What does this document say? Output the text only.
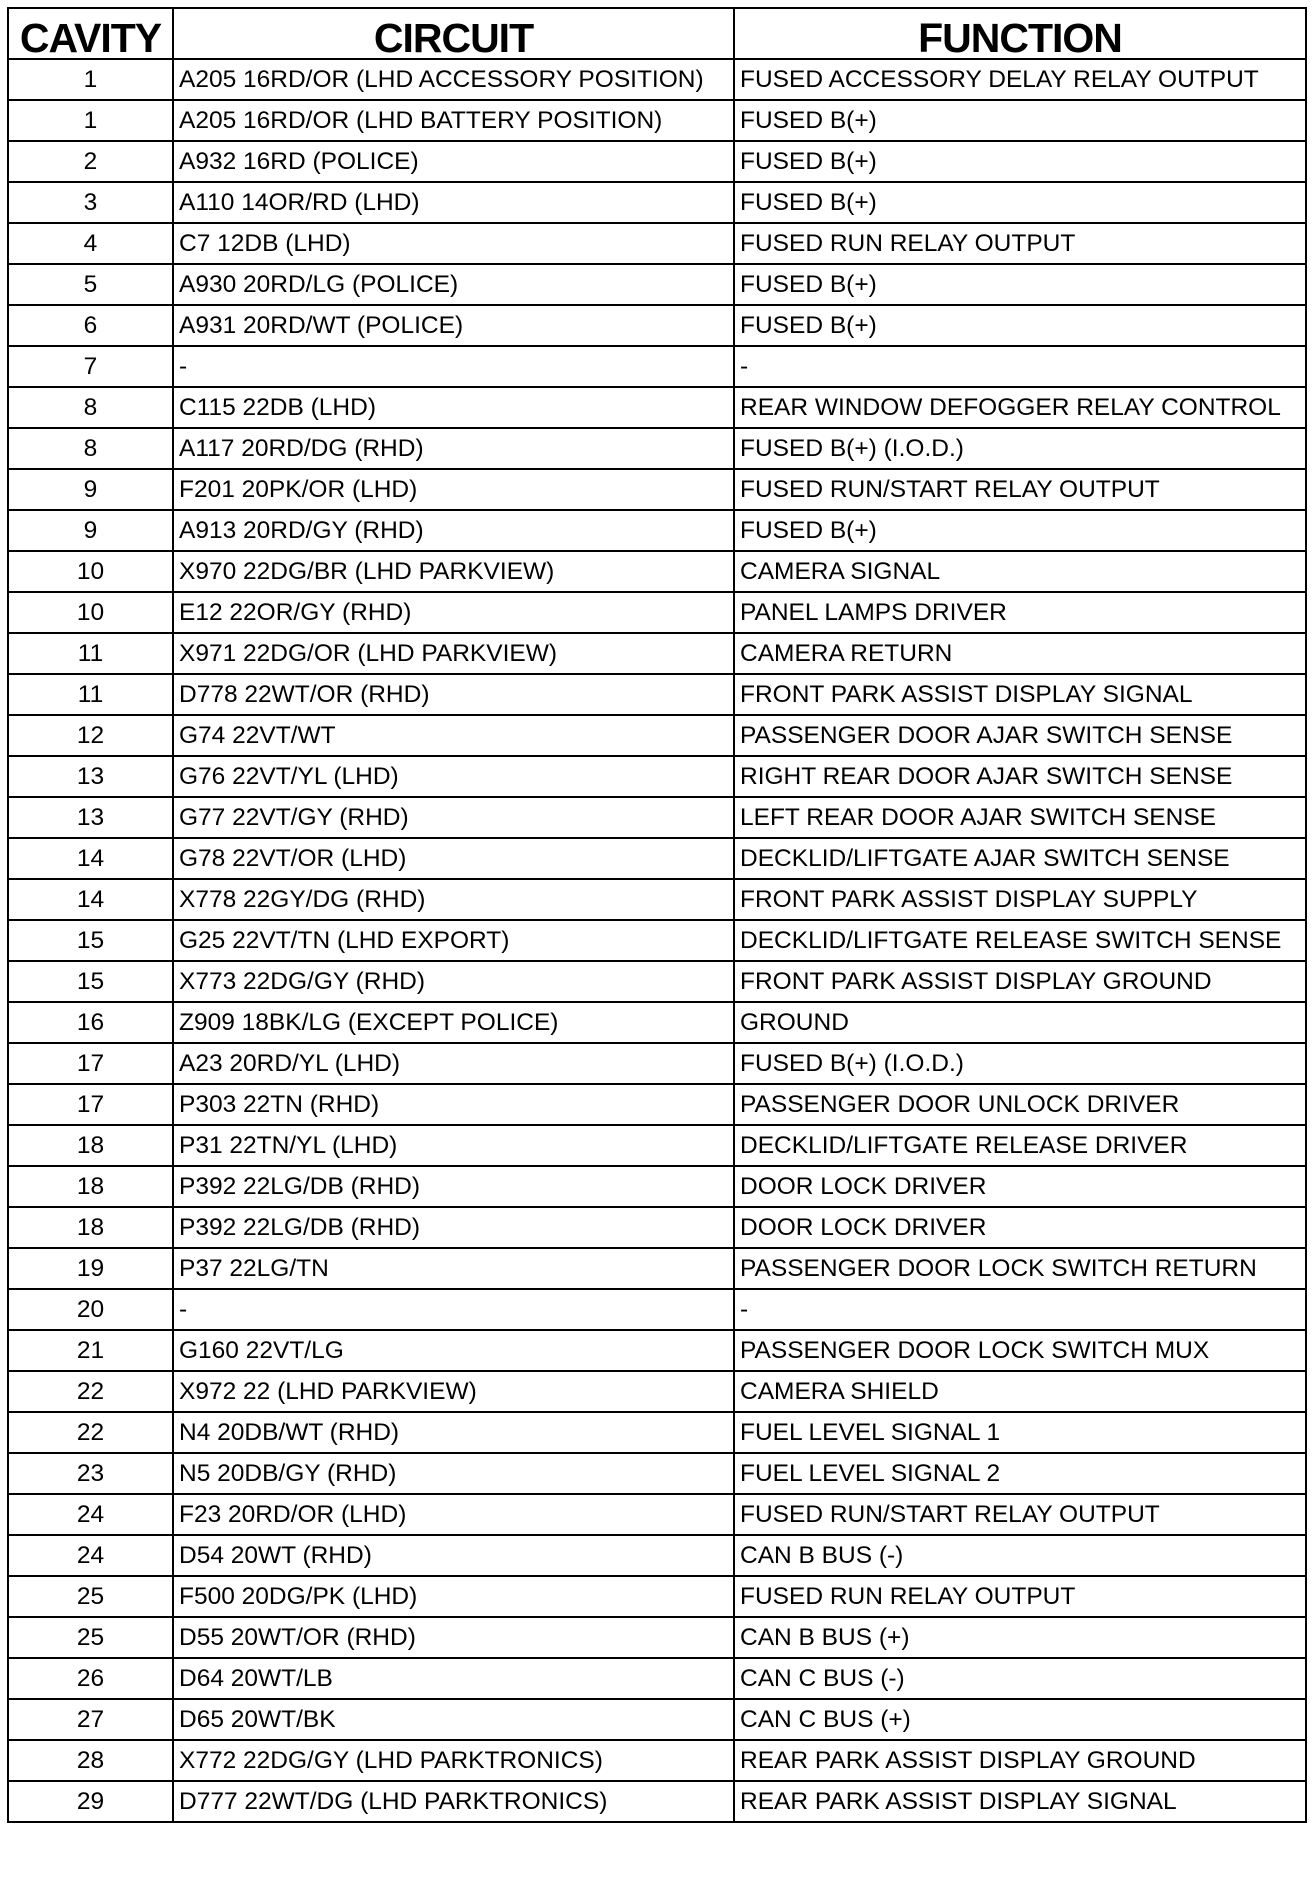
CAVITY	CIRCUIT	FUNCTION
1	A205 16RD/OR (LHD ACCESSORY POSITION)	FUSED ACCESSORY DELAY RELAY OUTPUT
1	A205 16RD/OR (LHD BATTERY POSITION)	FUSED B(+)
2	A932 16RD (POLICE)	FUSED B(+)
3	A110 14OR/RD (LHD)	FUSED B(+)
4	C7 12DB (LHD)	FUSED RUN RELAY OUTPUT
5	A930 20RD/LG (POLICE)	FUSED B(+)
6	A931 20RD/WT (POLICE)	FUSED B(+)
7	-	-
8	C115 22DB (LHD)	REAR WINDOW DEFOGGER RELAY CONTROL
8	A117 20RD/DG (RHD)	FUSED B(+) (I.O.D.)
9	F201 20PK/OR (LHD)	FUSED RUN/START RELAY OUTPUT
9	A913 20RD/GY (RHD)	FUSED B(+)
10	X970 22DG/BR (LHD PARKVIEW)	CAMERA SIGNAL
10	E12 22OR/GY (RHD)	PANEL LAMPS DRIVER
11	X971 22DG/OR (LHD PARKVIEW)	CAMERA RETURN
11	D778 22WT/OR (RHD)	FRONT PARK ASSIST DISPLAY SIGNAL
12	G74 22VT/WT	PASSENGER DOOR AJAR SWITCH SENSE
13	G76 22VT/YL (LHD)	RIGHT REAR DOOR AJAR SWITCH SENSE
13	G77 22VT/GY (RHD)	LEFT REAR DOOR AJAR SWITCH SENSE
14	G78 22VT/OR (LHD)	DECKLID/LIFTGATE AJAR SWITCH SENSE
14	X778 22GY/DG (RHD)	FRONT PARK ASSIST DISPLAY SUPPLY
15	G25 22VT/TN (LHD EXPORT)	DECKLID/LIFTGATE RELEASE SWITCH SENSE
15	X773 22DG/GY (RHD)	FRONT PARK ASSIST DISPLAY GROUND
16	Z909 18BK/LG (EXCEPT POLICE)	GROUND
17	A23 20RD/YL (LHD)	FUSED B(+) (I.O.D.)
17	P303 22TN (RHD)	PASSENGER DOOR UNLOCK DRIVER
18	P31 22TN/YL (LHD)	DECKLID/LIFTGATE RELEASE DRIVER
18	P392 22LG/DB (RHD)	DOOR LOCK DRIVER
18	P392 22LG/DB (RHD)	DOOR LOCK DRIVER
19	P37 22LG/TN	PASSENGER DOOR LOCK SWITCH RETURN
20	-	-
21	G160 22VT/LG	PASSENGER DOOR LOCK SWITCH MUX
22	X972 22 (LHD PARKVIEW)	CAMERA SHIELD
22	N4 20DB/WT (RHD)	FUEL LEVEL SIGNAL 1
23	N5 20DB/GY (RHD)	FUEL LEVEL SIGNAL 2
24	F23 20RD/OR (LHD)	FUSED RUN/START RELAY OUTPUT
24	D54 20WT (RHD)	CAN B BUS (-)
25	F500 20DG/PK (LHD)	FUSED RUN RELAY OUTPUT
25	D55 20WT/OR (RHD)	CAN B BUS (+)
26	D64 20WT/LB	CAN C BUS (-)
27	D65 20WT/BK	CAN C BUS (+)
28	X772 22DG/GY (LHD PARKTRONICS)	REAR PARK ASSIST DISPLAY GROUND
29	D777 22WT/DG (LHD PARKTRONICS)	REAR PARK ASSIST DISPLAY SIGNAL
